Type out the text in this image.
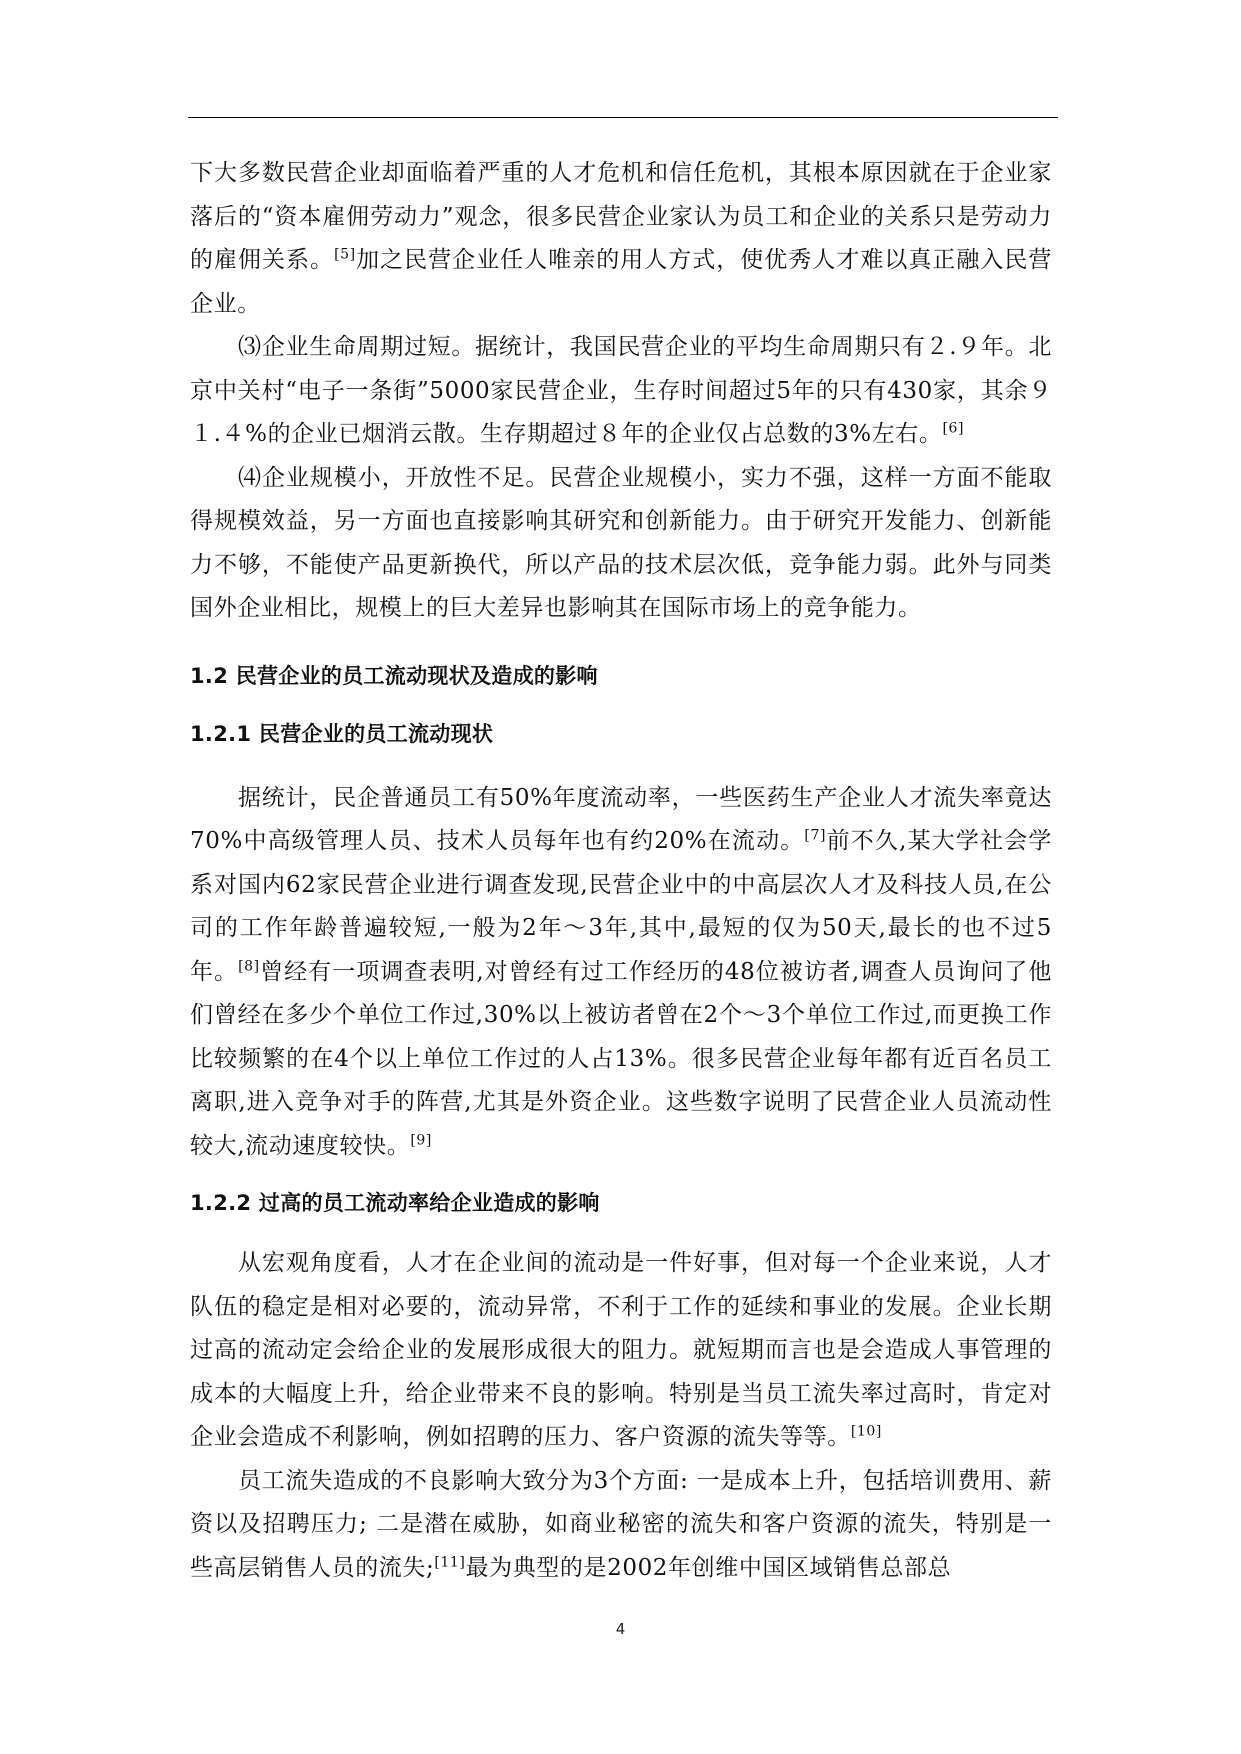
下大多数民营企业却面临着严重的人才危机和信任危机，其根本原因就在于企业家落后的“资本雇佣劳动力”观念，很多民营企业家认为员工和企业的关系只是劳动力的雇佣关系。[5]加之民营企业任人唯亲的用人方式，使优秀人才难以真正融入民营企业。

⑶企业生命周期过短。据统计，我国民营企业的平均生命周期只有２.９年。北京中关村“电子一条街”5000家民营企业，生存时间超过5年的只有430家，其余９１.４%的企业已烟消云散。生存期超过８年的企业仅占总数的3%左右。[6]

⑷企业规模小，开放性不足。民营企业规模小，实力不强，这样一方面不能取得规模效益，另一方面也直接影响其研究和创新能力。由于研究开发能力、创新能力不够，不能使产品更新换代，所以产品的技术层次低，竞争能力弱。此外与同类国外企业相比，规模上的巨大差异也影响其在国际市场上的竞争能力。

1.2 民营企业的员工流动现状及造成的影响
1.2.1 民营企业的员工流动现状

据统计，民企普通员工有50%年度流动率，一些医药生产企业人才流失率竟达70%中高级管理人员、技术人员每年也有约20%在流动。[7]前不久,某大学社会学系对国内62家民营企业进行调查发现,民营企业中的中高层次人才及科技人员,在公司的工作年龄普遍较短,一般为2年～3年,其中,最短的仅为50天,最长的也不过5年。[8]曾经有一项调查表明,对曾经有过工作经历的48位被访者,调查人员询问了他们曾经在多少个单位工作过,30%以上被访者曾在2个～3个单位工作过,而更换工作比较频繁的在4个以上单位工作过的人占13%。很多民营企业每年都有近百名员工离职,进入竞争对手的阵营,尤其是外资企业。这些数字说明了民营企业人员流动性较大,流动速度较快。[9]

1.2.2 过高的员工流动率给企业造成的影响

从宏观角度看，人才在企业间的流动是一件好事，但对每一个企业来说，人才队伍的稳定是相对必要的，流动异常，不利于工作的延续和事业的发展。企业长期过高的流动定会给企业的发展形成很大的阻力。就短期而言也是会造成人事管理的成本的大幅度上升，给企业带来不良的影响。特别是当员工流失率过高时，肯定对企业会造成不利影响，例如招聘的压力、客户资源的流失等等。[10]

员工流失造成的不良影响大致分为3个方面: 一是成本上升，包括培训费用、薪资以及招聘压力; 二是潜在威胁，如商业秘密的流失和客户资源的流失，特别是一些高层销售人员的流失;[11]最为典型的是2002年创维中国区域销售总部总

4
